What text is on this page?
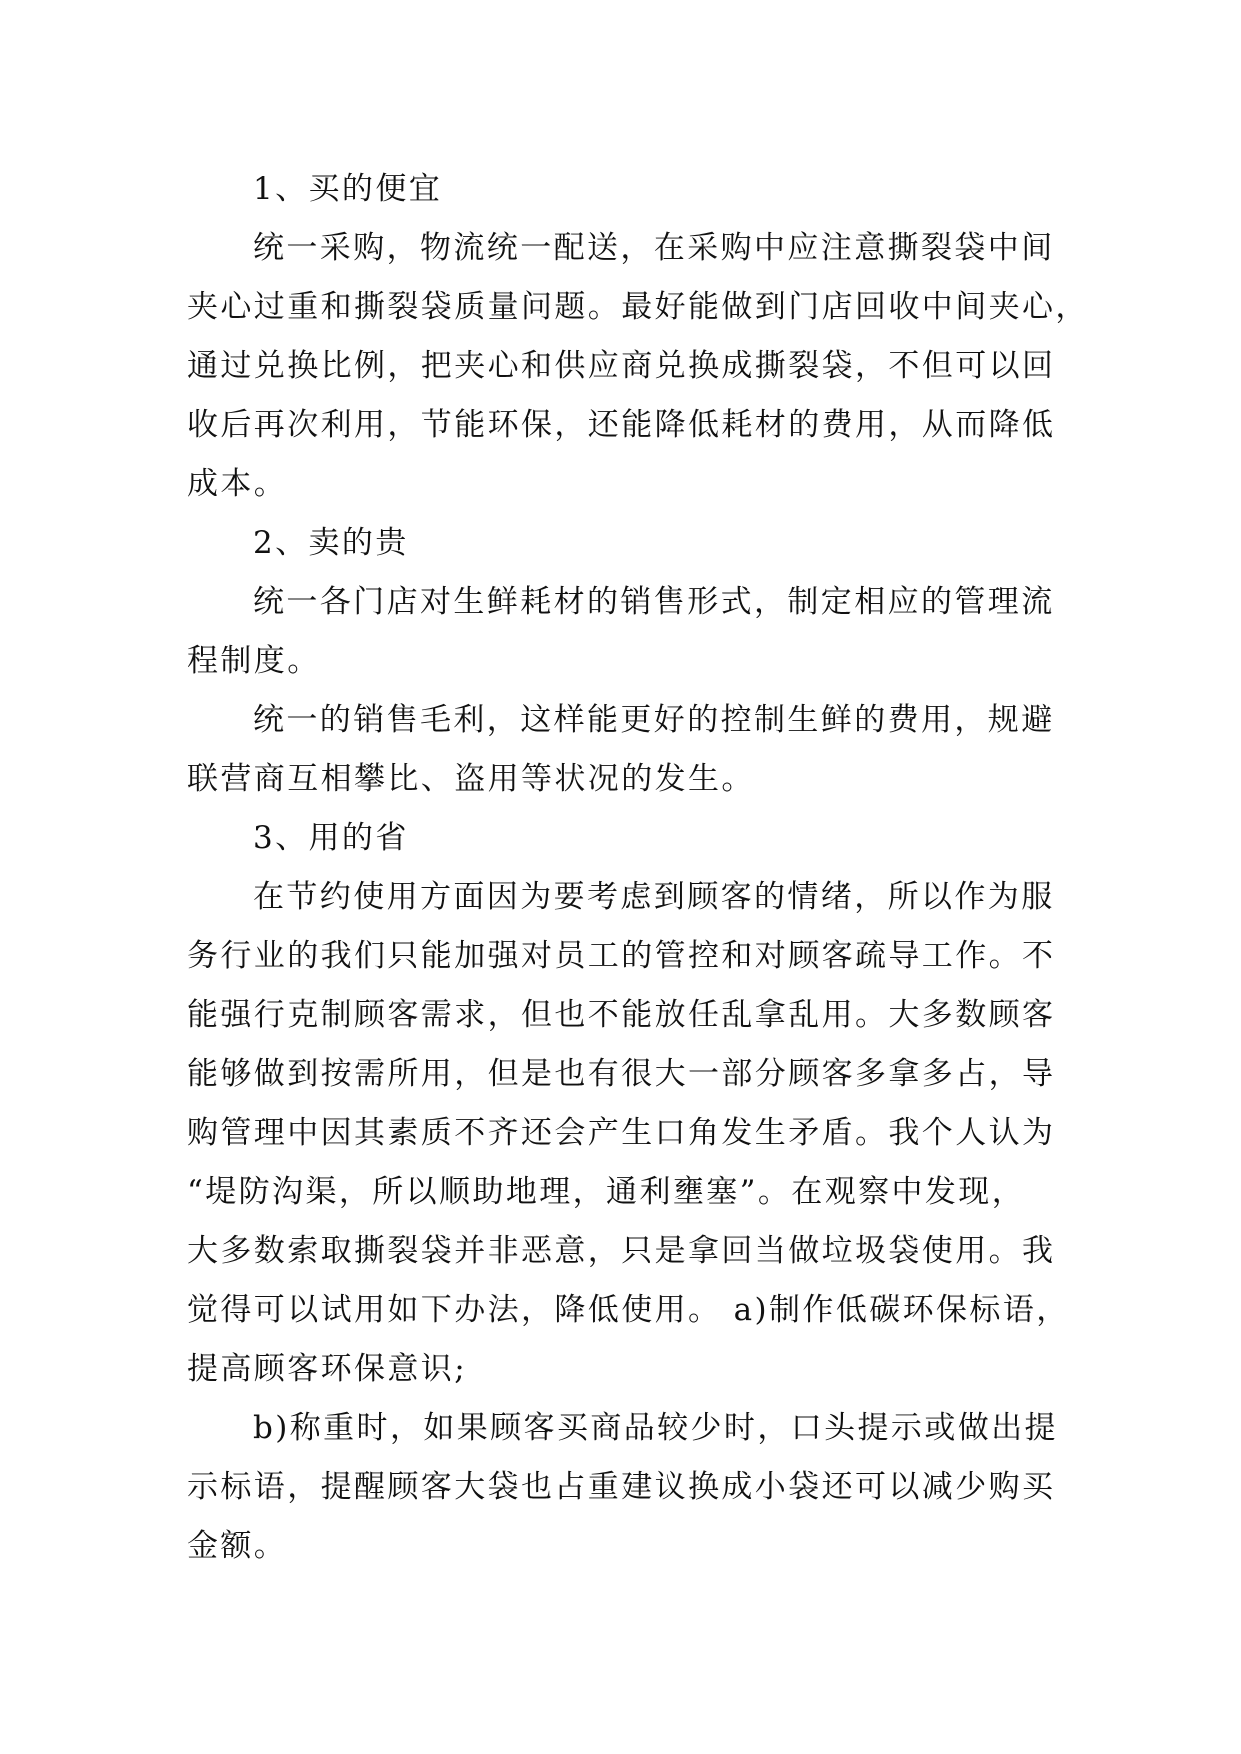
1、买的便宜
统一采购，物流统一配送，在采购中应注意撕裂袋中间
夹心过重和撕裂袋质量问题。最好能做到门店回收中间夹心，
通过兑换比例，把夹心和供应商兑换成撕裂袋，不但可以回
收后再次利用，节能环保，还能降低耗材的费用，从而降低
成本。
2、卖的贵
统一各门店对生鲜耗材的销售形式，制定相应的管理流
程制度。
统一的销售毛利，这样能更好的控制生鲜的费用，规避
联营商互相攀比、盗用等状况的发生。
3、用的省
在节约使用方面因为要考虑到顾客的情绪，所以作为服
务行业的我们只能加强对员工的管控和对顾客疏导工作。不
能强行克制顾客需求，但也不能放任乱拿乱用。大多数顾客
能够做到按需所用，但是也有很大一部分顾客多拿多占，导
购管理中因其素质不齐还会产生口角发生矛盾。我个人认为
“堤防沟渠，所以顺助地理，通利壅塞”。在观察中发现，
大多数索取撕裂袋并非恶意，只是拿回当做垃圾袋使用。我
觉得可以试用如下办法，降低使用。 a)制作低碳环保标语，
提高顾客环保意识;
b)称重时，如果顾客买商品较少时，口头提示或做出提
示标语，提醒顾客大袋也占重建议换成小袋还可以减少购买
金额。
